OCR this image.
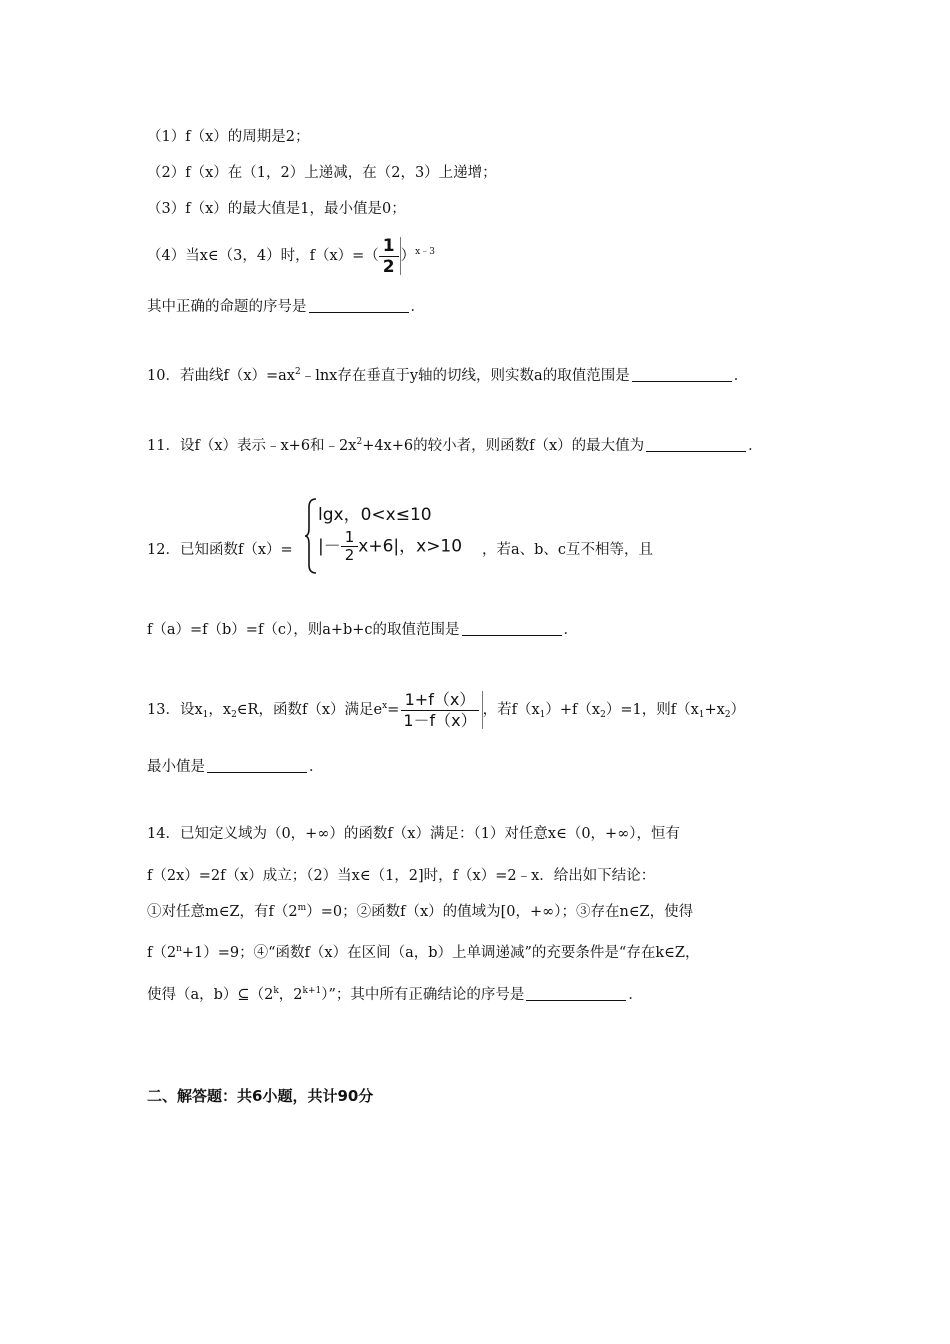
（1）f（x）的周期是2；
（2）f（x）在（1，2）上递减，在（2，3）上递增；
（3）f（x）的最大值是1，最小值是0；
（4）当x∈（3，4）时，$f(x)=( \frac{1}{2} )^{x﹣3}$
其中正确的命题的序号是	．
10．若曲线$f(x)=ax^2﹣\ln x$存在垂直于y轴的切线，则实数a的取值范围是	．
11．设f（x）表示﹣x+6和$﹣2x^2+4x+6$的较小者，则函数f（x）的最大值为	．
12．已知函数f（x）=
lgx，0<x≤10
|－ $\frac{1}{2} x+6|$，x>10 ，若a、b、c互不相等，且
f（a）=f（b）=f（c），则a+b+c的取值范围是	．
13．设$x_1$，$x_2\in R$，函数f（x）满足$e^x= \frac{1+f(x)}{1-f(x)}$ ，若$f(x_1)+f(x_2)=1$，则$f(x_1+x_2)$
最小值是	．
14．已知定义域为（0，+∞）的函数f（x）满足：（1）对任意x∈（0，+∞），恒有
f（2x）=2f（x）成立；（2）当x∈（1，2]时，f（x）=2﹣x．给出如下结论：
①对任意m∈Z，有$f(2^m)=0$；②函数f（x）的值域为[0，+∞）；③存在n∈Z，使得
$f(2^n+1)=9$；④“函数f（x）在区间（a，b）上单调递减”的充要条件是“存在k∈Z，
使得（a，b）⊆（2$^k$，$2^{k+1}$）”；其中所有正确结论的序号是	．
二、解答题：共6小题，共计90分
